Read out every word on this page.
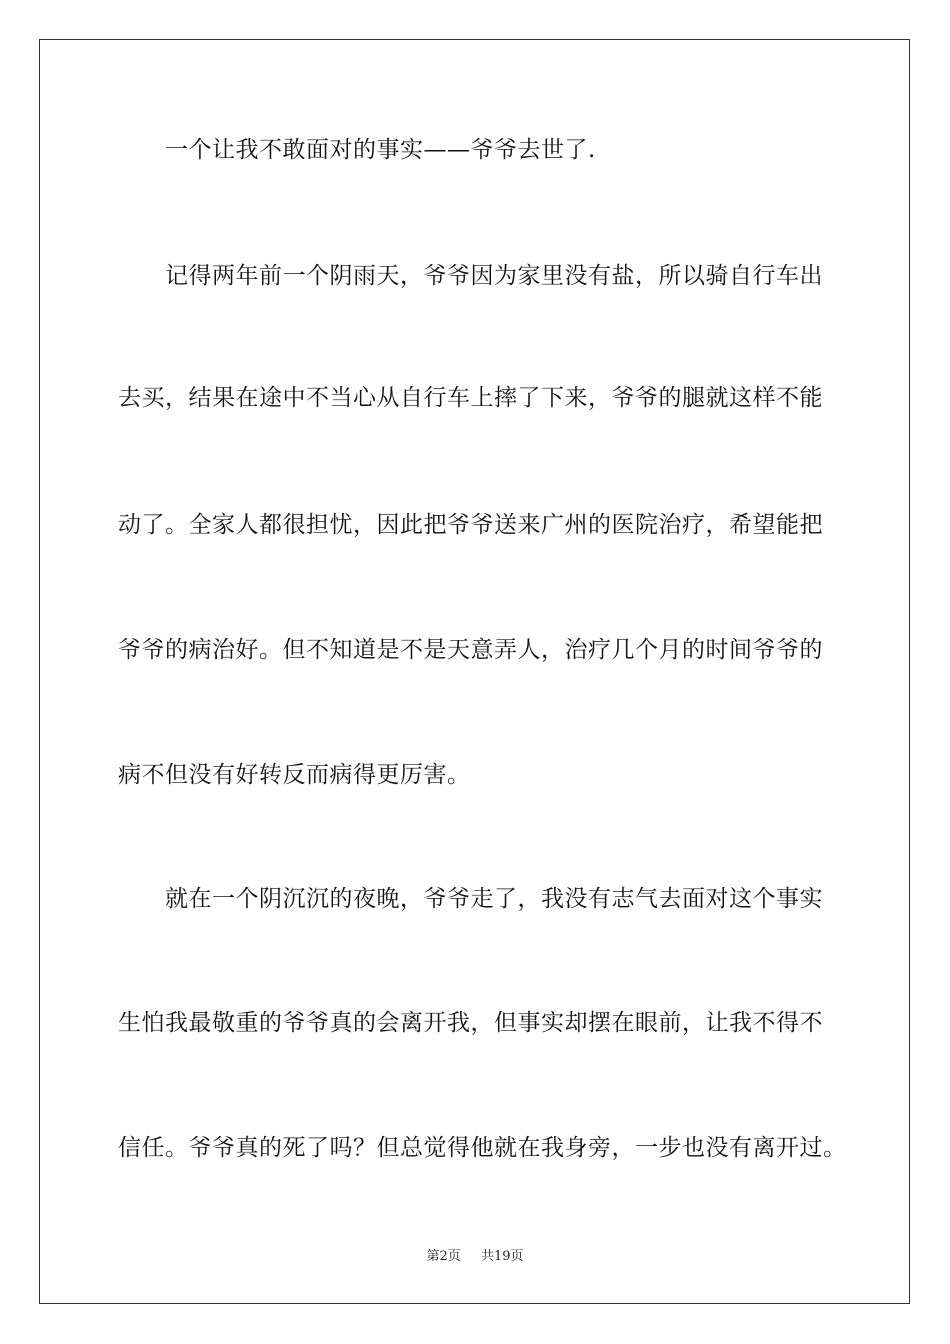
一个让我不敢面对的事实——爷爷去世了.
记得两年前一个阴雨天，爷爷因为家里没有盐，所以骑自行车出
去买，结果在途中不当心从自行车上摔了下来，爷爷的腿就这样不能
动了。全家人都很担忧，因此把爷爷送来广州的医院治疗，希望能把
爷爷的病治好。但不知道是不是天意弄人，治疗几个月的时间爷爷的
病不但没有好转反而病得更厉害。
就在一个阴沉沉的夜晚，爷爷走了，我没有志气去面对这个事实
生怕我最敬重的爷爷真的会离开我，但事实却摆在眼前，让我不得不
信任。爷爷真的死了吗？但总觉得他就在我身旁，一步也没有离开过。
第2页 共19页
